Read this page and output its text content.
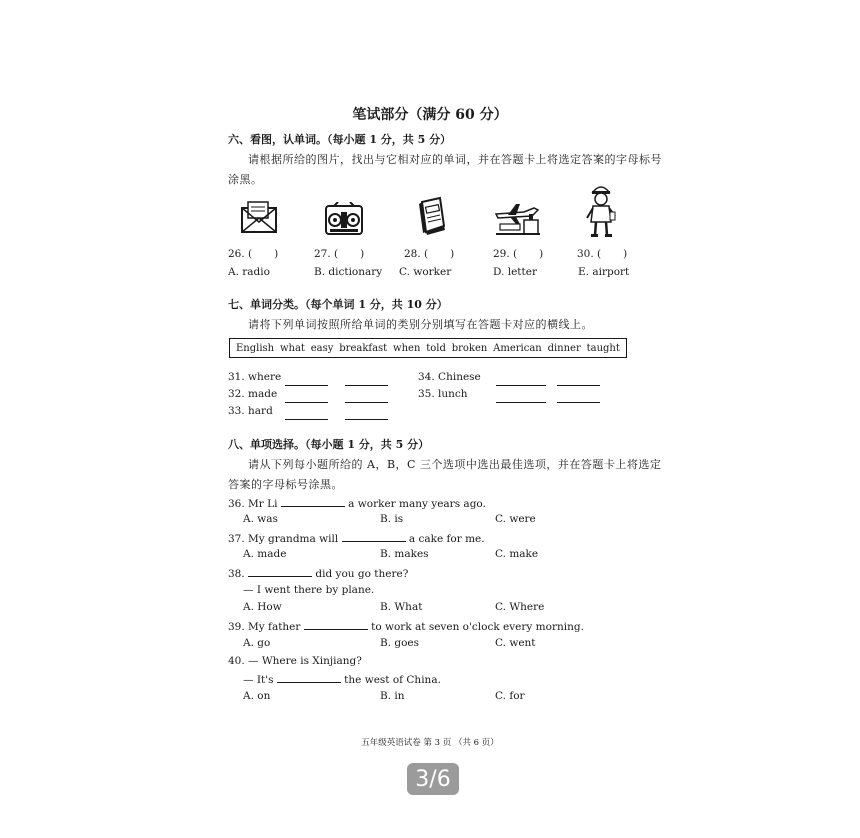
笔试部分（满分 60 分）
六、看图，认单词。（每小题 1 分，共 5 分）
请根据所给的图片，找出与它相对应的单词，并在答题卡上将选定答案的字母标号
涂黑。
26. ( )	27. ( )	28. ( )	29. ( )	30. ( )
A. radio	B. dictionary C. worker	D. letter	E. airport
七、单词分类。（每个单词 1 分，共 10 分）
请将下列单词按照所给单词的类别分别填写在答题卡对应的横线上。
English what easy breakfast when told broken American dinner taught
31. where	34. Chinese
32. made	35. lunch
33. hard
八、单项选择。（每小题 1 分，共 5 分）
请从下列每小题所给的 A，B，C 三个选项中选出最佳选项，并在答题卡上将选定
答案的字母标号涂黑。
36. Mr Li	a worker many years ago.
A. was	B. is	C. were
37. My grandma will	a cake for me.
A. made	B. makes	C. make
38.	did you go there?
— I went there by plane.
A. How	B. What	C. Where
39. My father	to work at seven o'clock every morning.
A. go	B. goes	C. went
40. — Where is Xinjiang?
— It's	the west of China.
A. on	B. in	C. for
五年级英语试卷 第 3 页 （共 6 页）
3/6
